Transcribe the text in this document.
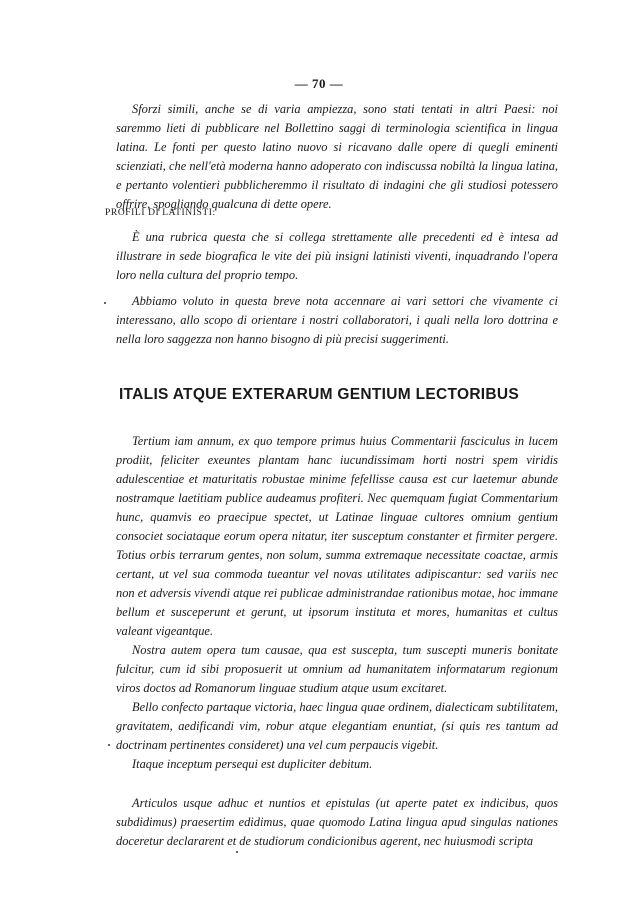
— 70 —

Sforzi simili, anche se di varia ampiezza, sono stati tentati in altri Paesi: noi saremmo lieti di pubblicare nel Bollettino saggi di terminologia scientifica in lingua latina. Le fonti per questo latino nuovo si ricavano dalle opere di quegli eminenti scienziati, che nell'età moderna hanno adoperato con indiscussa nobiltà la lingua latina, e pertanto volentieri pubblicheremmo il risultato di indagini che gli studiosi potessero offrire, spogliando qualcuna di dette opere.

PROFILI DI LATINISTI:

È una rubrica questa che si collega strettamente alle precedenti ed è intesa ad illustrare in sede biografica le vite dei più insigni latinisti viventi, inquadrando l'opera loro nella cultura del proprio tempo.

Abbiamo voluto in questa breve nota accennare ai vari settori che vivamente ci interessano, allo scopo di orientare i nostri collaboratori, i quali nella loro dottrina e nella loro saggezza non hanno bisogno di più precisi suggerimenti.

ITALIS ATQUE EXTERARUM GENTIUM LECTORIBUS

Tertium iam annum, ex quo tempore primus huius Commentarii fasciculus in lucem prodiit, feliciter exeuntes plantam hanc iucundissimam horti nostri spem viridis adulescentiae et maturitatis robustae minime fefellisse causa est cur laetemur abunde nostramque laetitiam publice audeamus profiteri. Nec quemquam fugiat Commentarium hunc, quamvis eo praecipue spectet, ut Latinae linguae cultores omnium gentium consociet sociataque eorum opera nitatur, iter susceptum constanter et firmiter pergere. Totius orbis terrarum gentes, non solum, summa extremaque necessitate coactae, armis certant, ut vel sua commoda tueantur vel novas utilitates adipiscantur: sed variis nec non et adversis vivendi atque rei publicae administrandae rationibus motae, hoc immane bellum et susceperunt et gerunt, ut ipsorum instituta et mores, humanitas et cultus valeant vigeantque.

Nostra autem opera tum causae, qua est suscepta, tum suscepti muneris bonitate fulcitur, cum id sibi proposuerit ut omnium ad humanitatem informatarum regionum viros doctos ad Romanorum linguae studium atque usum excitaret.

Bello confecto partaque victoria, haec lingua quae ordinem, dialecticam subtilitatem, gravitatem, aedificandi vim, robur atque elegantiam enuntiat, (si quis res tantum ad doctrinam pertinentes consideret) una vel cum perpaucis vigebit.

Itaque inceptum persequi est dupliciter debitum.

Articulos usque adhuc et nuntios et epistulas (ut aperte patet ex indicibus, quos subdidimus) praesertim edidimus, quae quomodo Latina lingua apud singulas nationes doceretur declararent et de studiorum condicionibus agerent, nec huiusmodi scripta
